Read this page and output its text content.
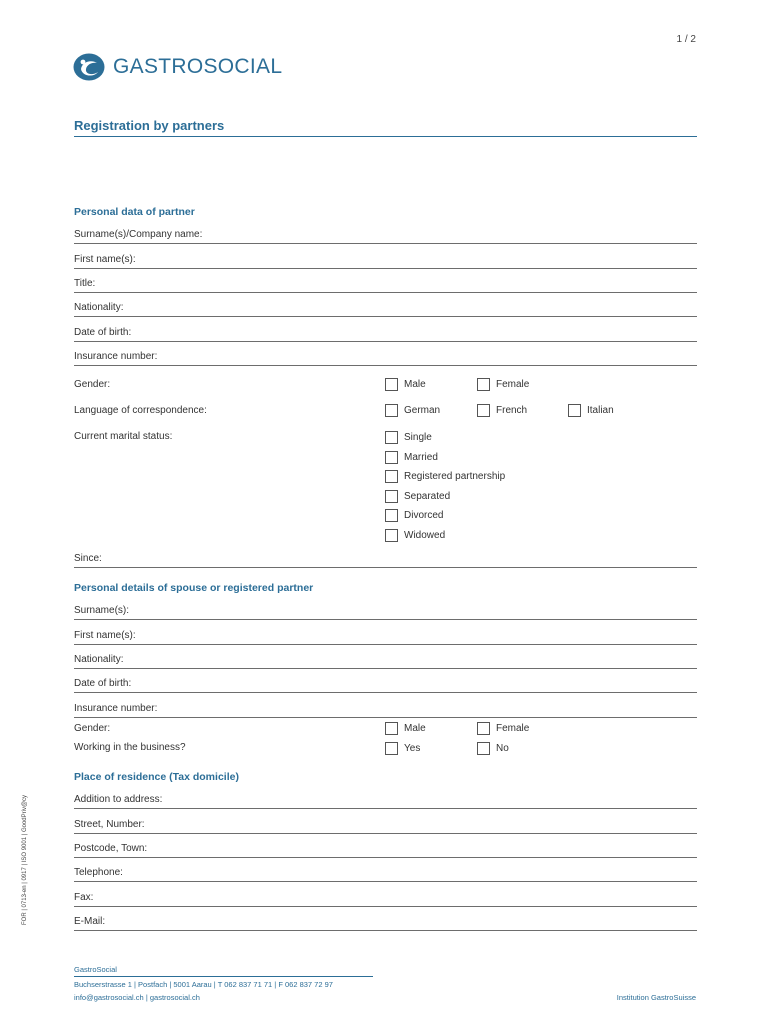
1 / 2
GASTROSOCIAL
Registration by partners
Personal data of partner
Surname(s)/Company name:
First name(s):
Title:
Nationality:
Date of birth:
Insurance number:
Gender:	Male	Female
Language of correspondence:	German	French	Italian
Current marital status:	Single
Married
Registered partnership
Separated
Divorced
Widowed
Since:
Personal details of spouse or registered partner
Surname(s):
First name(s):
Nationality:
Date of birth:
Insurance number:
Gender:	Male	Female
Working in the business?	Yes	No
Place of residence (Tax domicile)
Addition to address:
Street, Number:
Postcode, Town:
Telephone:
Fax:
E-Mail:
FOR | 0713-en | 0917 | ISO 9001 | GoodPriv@cy
GastroSocial
Buchserstrasse 1 | Postfach | 5001 Aarau | T 062 837 71 71 | F 062 837 72 97
info@gastrosocial.ch | gastrosocial.ch	Institution GastroSuisse
